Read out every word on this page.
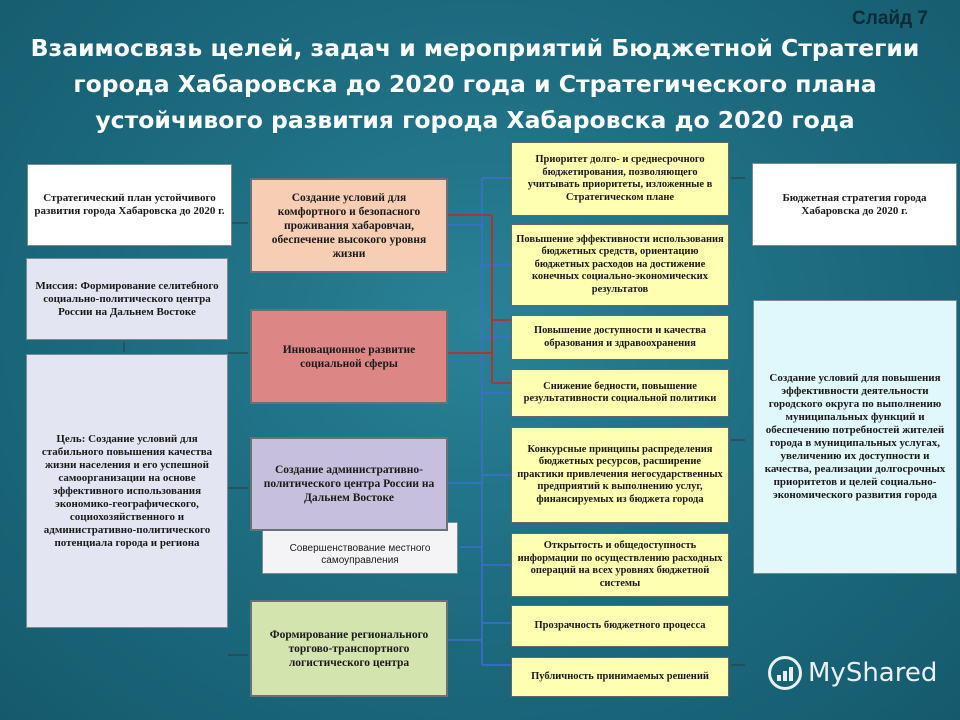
Слайд 7
Взаимосвязь целей, задач и мероприятий Бюджетной Стратегии города Хабаровска до 2020 года и Стратегического плана устойчивого развития города Хабаровска до 2020 года
Стратегический план устойчивого развития города Хабаровска до 2020 г.
Миссия: Формирование селитебного социально-политического центра России на Дальнем Востоке
Цель: Создание условий для стабильного повышения качества жизни населения и его успешной самоорганизации на основе эффективного использования экономико-географического, социохозяйственного и административно-политического потенциала города и региона
Создание условий для комфортного и безопасного проживания хабаровчан, обеспечение высокого уровня жизни
Инновационное развитие социальной сферы
Совершенствование местного самоуправления
Создание административно-политического центра России на Дальнем Востоке
Формирование регионального торгово-транспортного логистического центра
Приоритет долго- и среднесрочного бюджетирования, позволяющего учитывать приоритеты, изложенные в Стратегическом плане
Повышение эффективности использования бюджетных средств, ориентацию бюджетных расходов на достижение конечных социально-экономических результатов
Повышение доступности и качества образования и здравоохранения
Снижение бедности, повышение результативности социальной политики
Конкурсные принципы распределения бюджетных ресурсов, расширение практики привлечения негосударственных предприятий к выполнению услуг, финансируемых из бюджета города
Открытость и общедоступность информации по осуществлению расходных операций на всех уровнях бюджетной системы
Прозрачность бюджетного процесса
Публичность принимаемых решений
Бюджетная стратегия города Хабаровска до 2020 г.
Создание условий для повышения эффективности деятельности городского округа по выполнению муниципальных функций и обеспечению потребностей жителей города в муниципальных услугах, увеличению их доступности и качества, реализации долгосрочных приоритетов и целей социально-экономического развития города
MyShared
